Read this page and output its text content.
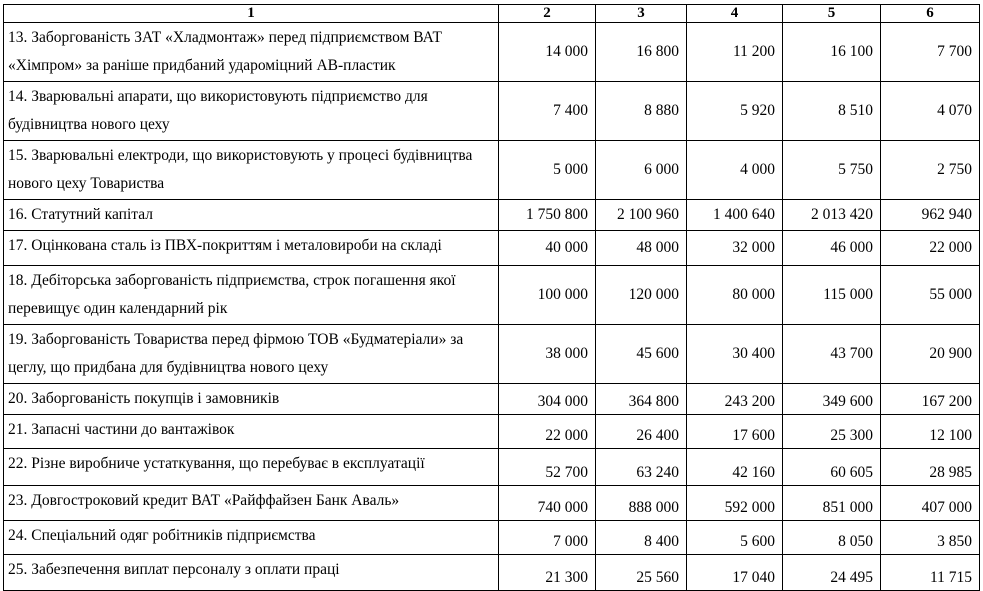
1	2	3	4	5	6
13. Заборгованість ЗАТ «Хладмонтаж» перед підприємством ВАТ «Хімпром» за раніше придбаний удароміцний АВ-пластик	14 000	16 800	11 200	16 100	7 700
14. Зварювальні апарати, що використовують підприємство для будівництва нового цеху	7 400	8 880	5 920	8 510	4 070
15. Зварювальні електроди, що використовують у процесі будівництва нового цеху Товариства	5 000	6 000	4 000	5 750	2 750
16. Статутний капітал	1 750 800	2 100 960	1 400 640	2 013 420	962 940
17. Оцінкована сталь із ПВХ-покриттям і металовироби на складі	40 000	48 000	32 000	46 000	22 000
18. Дебіторська заборгованість підприємства, строк погашення якої перевищує один календарний рік	100 000	120 000	80 000	115 000	55 000
19. Заборгованість Товариства перед фірмою ТОВ «Будматеріали» за цеглу, що придбана для будівництва нового цеху	38 000	45 600	30 400	43 700	20 900
20. Заборгованість покупців і замовників	304 000	364 800	243 200	349 600	167 200
21. Запасні частини до вантажівок	22 000	26 400	17 600	25 300	12 100
22. Різне виробниче устаткування, що перебуває в експлуатації	52 700	63 240	42 160	60 605	28 985
23. Довгостроковий кредит ВАТ «Райффайзен Банк Аваль»	740 000	888 000	592 000	851 000	407 000
24. Спеціальний одяг робітників підприємства	7 000	8 400	5 600	8 050	3 850
25. Забезпечення виплат персоналу з оплати праці	21 300	25 560	17 040	24 495	11 715
